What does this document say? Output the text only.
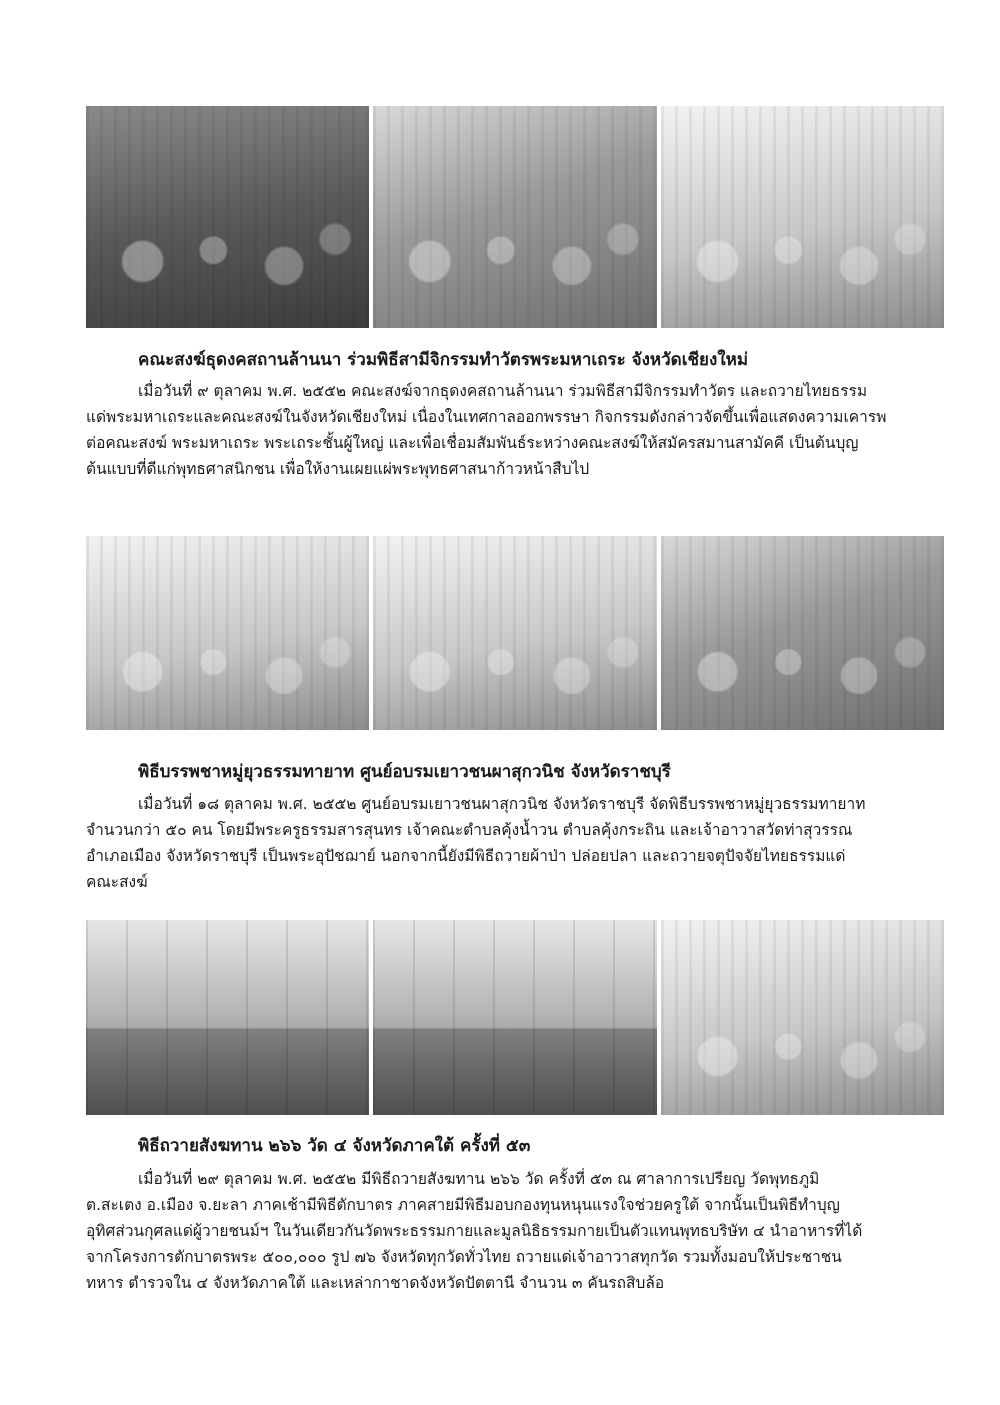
คณะสงฆ์ธุดงคสถานล้านนา ร่วมพิธีสามีจิกรรมทำวัตรพระมหาเถระ จังหวัดเชียงใหม่

เมื่อวันที่ ๙ ตุลาคม พ.ศ. ๒๕๕๒ คณะสงฆ์จากธุดงคสถานล้านนา ร่วมพิธีสามีจิกรรมทำวัตร และถวายไทยธรรม
แด่พระมหาเถระและคณะสงฆ์ในจังหวัดเชียงใหม่ เนื่องในเทศกาลออกพรรษา กิจกรรมดังกล่าวจัดขึ้นเพื่อแสดงความเคารพ
ต่อคณะสงฆ์ พระมหาเถระ พระเถระชั้นผู้ใหญ่ และเพื่อเชื่อมสัมพันธ์ระหว่างคณะสงฆ์ให้สมัครสมานสามัคคี เป็นต้นบุญ
ต้นแบบที่ดีแก่พุทธศาสนิกชน เพื่อให้งานเผยแผ่พระพุทธศาสนาก้าวหน้าสืบไป

พิธีบรรพชาหมู่ยุวธรรมทายาท ศูนย์อบรมเยาวชนผาสุกวนิช จังหวัดราชบุรี

เมื่อวันที่ ๑๘ ตุลาคม พ.ศ. ๒๕๕๒ ศูนย์อบรมเยาวชนผาสุกวนิช จังหวัดราชบุรี จัดพิธีบรรพชาหมู่ยุวธรรมทายาท
จำนวนกว่า ๕๐ คน โดยมีพระครูธรรมสารสุนทร เจ้าคณะตำบลคุ้งน้ำวน ตำบลคุ้งกระถิน และเจ้าอาวาสวัดท่าสุวรรณ
อำเภอเมือง จังหวัดราชบุรี เป็นพระอุปัชฌาย์ นอกจากนี้ยังมีพิธีถวายผ้าป่า ปล่อยปลา และถวายจตุปัจจัยไทยธรรมแด่
คณะสงฆ์

พิธีถวายสังฆทาน ๒๖๖ วัด ๔ จังหวัดภาคใต้ ครั้งที่ ๕๓

เมื่อวันที่ ๒๙ ตุลาคม พ.ศ. ๒๕๕๒ มีพิธีถวายสังฆทาน ๒๖๖ วัด ครั้งที่ ๕๓ ณ ศาลาการเปรียญ วัดพุทธภูมิ
ต.สะเตง อ.เมือง จ.ยะลา ภาคเช้ามีพิธีตักบาตร ภาคสายมีพิธีมอบกองทุนหนุนแรงใจช่วยครูใต้ จากนั้นเป็นพิธีทำบุญ
อุทิศส่วนกุศลแด่ผู้วายชนม์ฯ ในวันเดียวกันวัดพระธรรมกายและมูลนิธิธรรมกายเป็นตัวแทนพุทธบริษัท ๔ นำอาหารที่ได้
จากโครงการตักบาตรพระ ๕๐๐,๐๐๐ รูป ๗๖ จังหวัดทุกวัดทั่วไทย ถวายแด่เจ้าอาวาสทุกวัด รวมทั้งมอบให้ประชาชน
ทหาร ตำรวจใน ๔ จังหวัดภาคใต้ และเหล่ากาชาดจังหวัดปัตตานี จำนวน ๓ คันรถสิบล้อ
